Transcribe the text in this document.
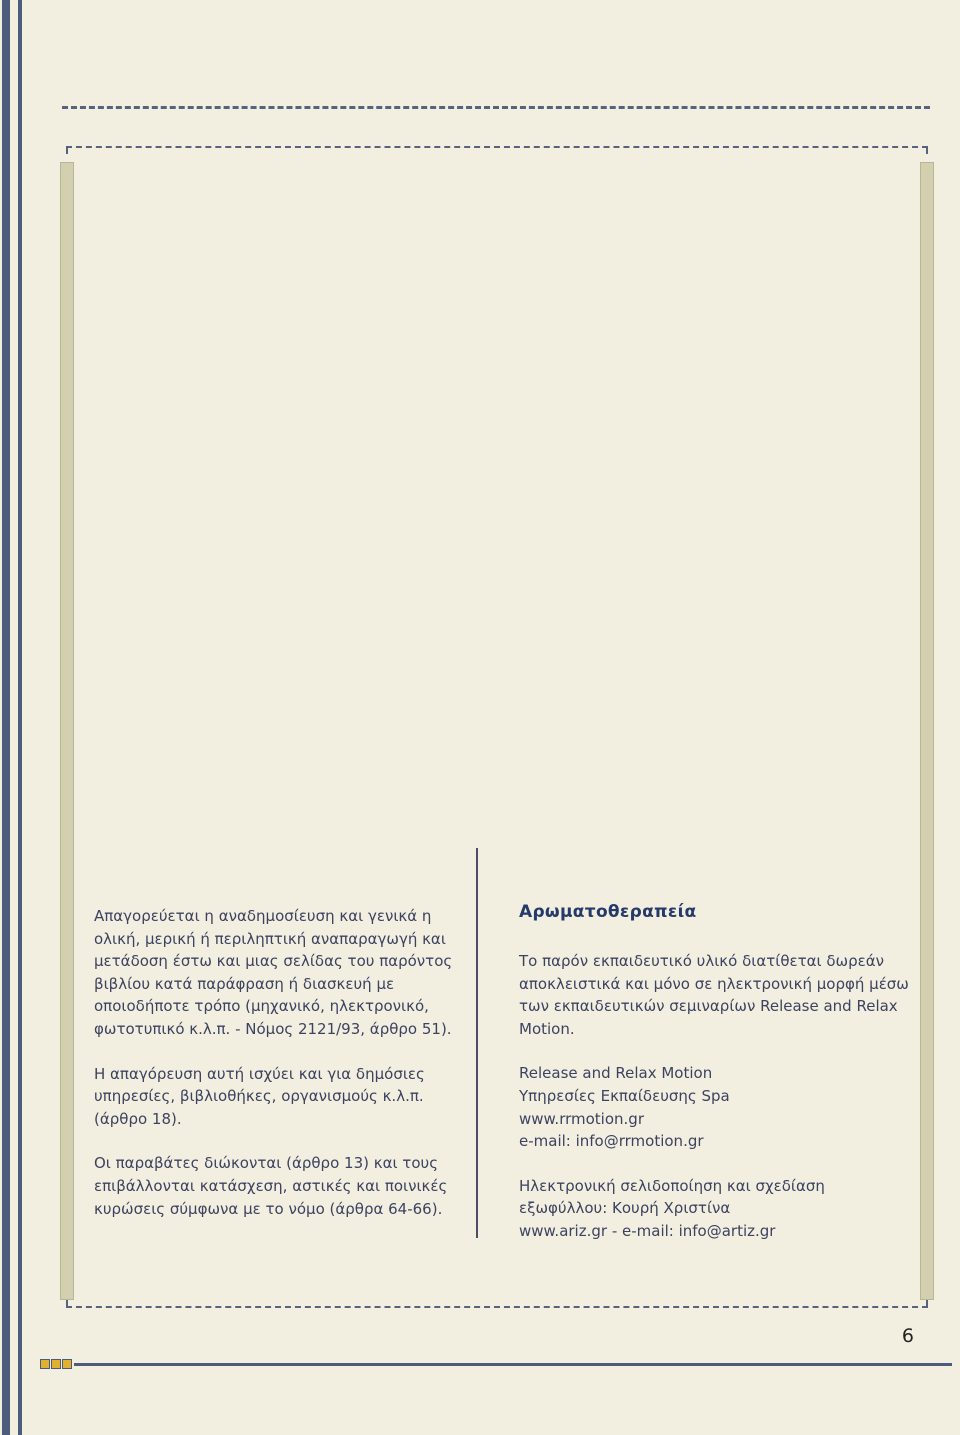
Απαγορεύεται η αναδημοσίευση και γενικά η ολική, μερική ή περιληπτική αναπαραγωγή και μετάδοση έστω και μιας σελίδας του παρόντος βιβλίου κατά παράφραση ή διασκευή με οποιοδήποτε τρόπο (μηχανικό, ηλεκτρονικό, φωτοτυπικό κ.λ.π. - Νόμος 2121/93, άρθρο 51).

Η απαγόρευση αυτή ισχύει και για δημόσιες υπηρεσίες, βιβλιοθήκες, οργανισμούς κ.λ.π. (άρθρο 18).

Οι παραβάτες διώκονται (άρθρο 13) και τους επιβάλλονται κατάσχεση, αστικές και ποινικές κυρώσεις σύμφωνα με το νόμο (άρθρα 64-66).

Αρωματοθεραπεία

Το παρόν εκπαιδευτικό υλικό διατίθεται δωρεάν αποκλειστικά και μόνο σε ηλεκτρονική μορφή μέσω των εκπαιδευτικών σεμιναρίων Release and Relax Motion.

Release and Relax Motion

Υπηρεσίες Εκπαίδευσης Spa

www.rrmotion.gr

e-mail: info@rrmotion.gr

Ηλεκτρονική σελιδοποίηση και σχεδίαση

εξωφύλλου: Κουρή Χριστίνα

www.ariz.gr - e-mail: info@artiz.gr

6
